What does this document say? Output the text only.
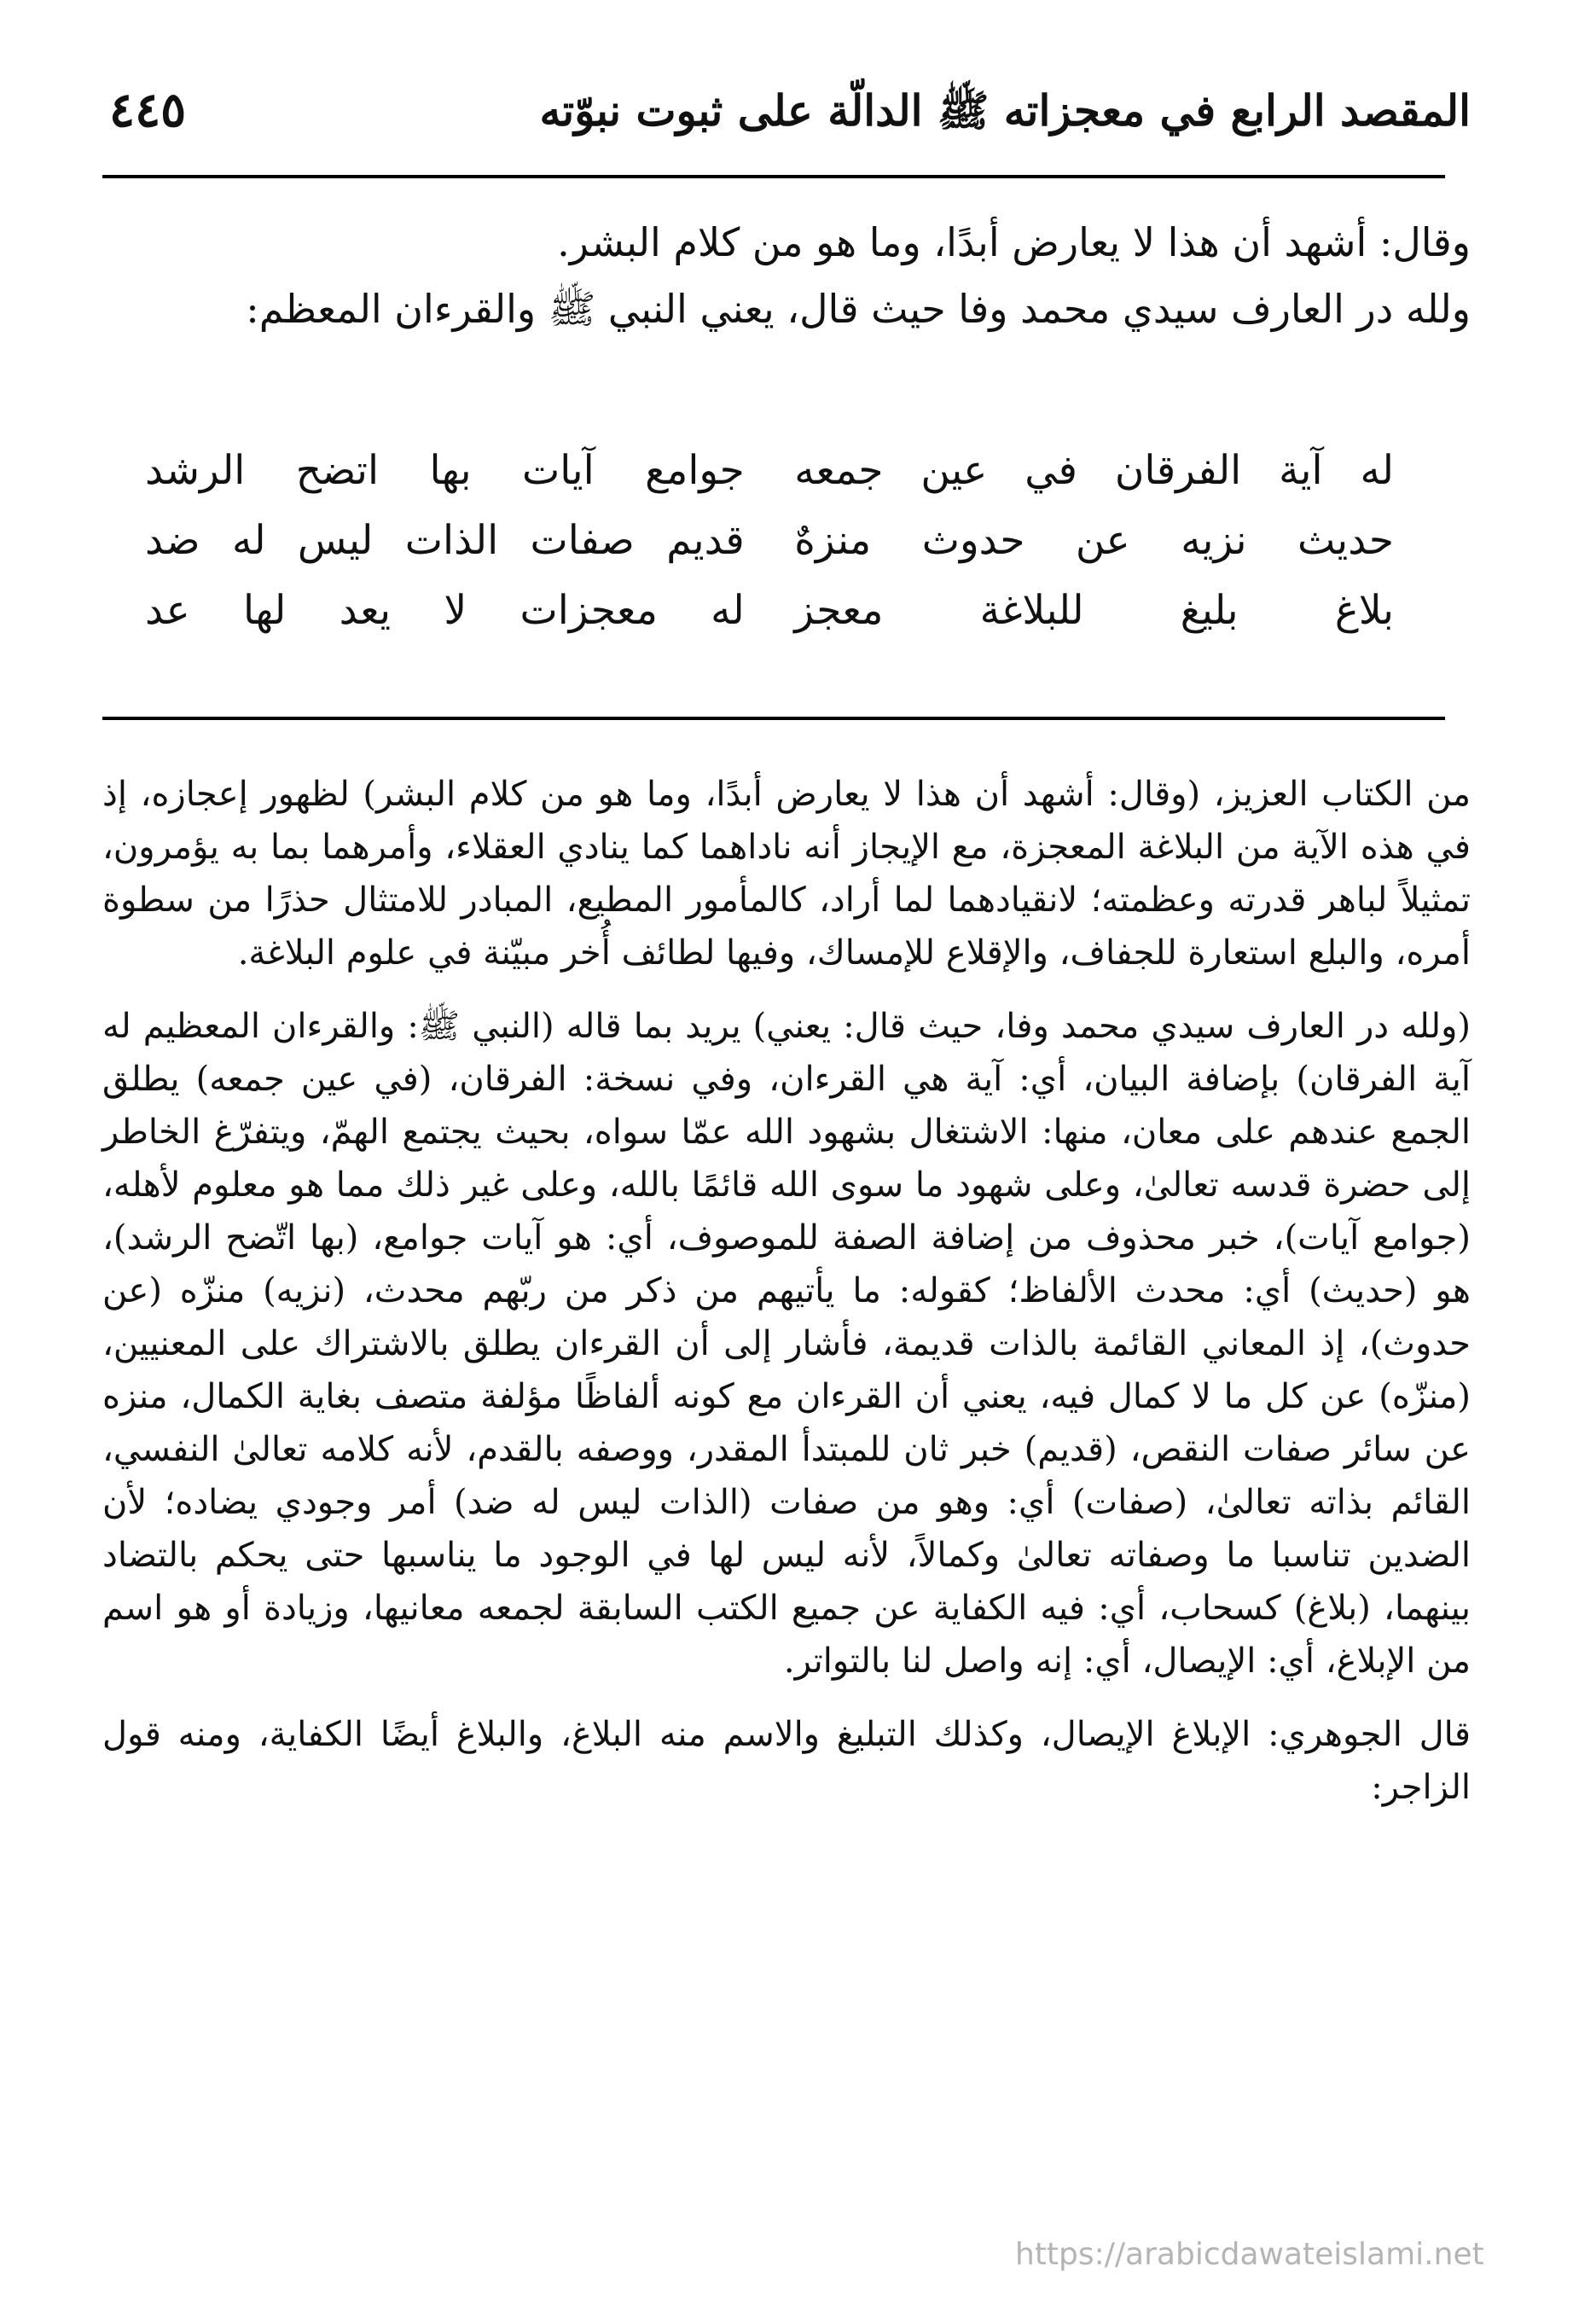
المقصد الرابع في معجزاته ﷺ الدالّة على ثبوت نبوّته
٤٤٥
وقال: أشهد أن هذا لا يعارض أبدًا، وما هو من كلام البشر.
ولله در العارف سيدي محمد وفا حيث قال، يعني النبي ﷺ والقرءان المعظم:
له آية الفرقان في عين جمعه
جوامع آيات بها اتضح الرشد
حديث نزيه عن حدوث منزهٌ
قديم صفات الذات ليس له ضد
بلاغ بليغ للبلاغة معجز
له معجزات لا يعد لها عد

من الكتاب العزيز، (وقال: أشهد أن هذا لا يعارض أبدًا، وما هو من كلام البشر) لظهور إعجازه، إذ في هذه الآية من البلاغة المعجزة، مع الإيجاز أنه ناداهما كما ينادي العقلاء، وأمرهما بما به يؤمرون، تمثيلاً لباهر قدرته وعظمته؛ لانقيادهما لما أراد، كالمأمور المطيع، المبادر للامتثال حذرًا من سطوة أمره، والبلع استعارة للجفاف، والإقلاع للإمساك، وفيها لطائف أُخر مبيّنة في علوم البلاغة.

(ولله در العارف سيدي محمد وفا، حيث قال: يعني) يريد بما قاله (النبي ﷺ: والقرءان المعظيم له آية الفرقان) بإضافة البيان، أي: آية هي القرءان، وفي نسخة: الفرقان، (في عين جمعه) يطلق الجمع عندهم على معان، منها: الاشتغال بشهود الله عمّا سواه، بحيث يجتمع الهمّ، ويتفرّغ الخاطر إلى حضرة قدسه تعالىٰ، وعلى شهود ما سوى الله قائمًا بالله، وعلى غير ذلك مما هو معلوم لأهله، (جوامع آيات)، خبر محذوف من إضافة الصفة للموصوف، أي: هو آيات جوامع، (بها اتّضح الرشد)، هو (حديث) أي: محدث الألفاظ؛ كقوله: ما يأتيهم من ذكر من ربّهم محدث، (نزيه) منزّه (عن حدوث)، إذ المعاني القائمة بالذات قديمة، فأشار إلى أن القرءان يطلق بالاشتراك على المعنيين، (منزّه) عن كل ما لا كمال فيه، يعني أن القرءان مع كونه ألفاظًا مؤلفة متصف بغاية الكمال، منزه عن سائر صفات النقص، (قديم) خبر ثان للمبتدأ المقدر، ووصفه بالقدم، لأنه كلامه تعالىٰ النفسي، القائم بذاته تعالىٰ، (صفات) أي: وهو من صفات (الذات ليس له ضد) أمر وجودي يضاده؛ لأن الضدين تناسبا ما وصفاته تعالىٰ وكمالاً، لأنه ليس لها في الوجود ما يناسبها حتى يحكم بالتضاد بينهما، (بلاغ) كسحاب، أي: فيه الكفاية عن جميع الكتب السابقة لجمعه معانيها، وزيادة أو هو اسم من الإبلاغ، أي: الإيصال، أي: إنه واصل لنا بالتواتر.

قال الجوهري: الإبلاغ الإيصال، وكذلك التبليغ والاسم منه البلاغ، والبلاغ أيضًا الكفاية، ومنه قول الزاجر:

https://arabicdawateislami.net
